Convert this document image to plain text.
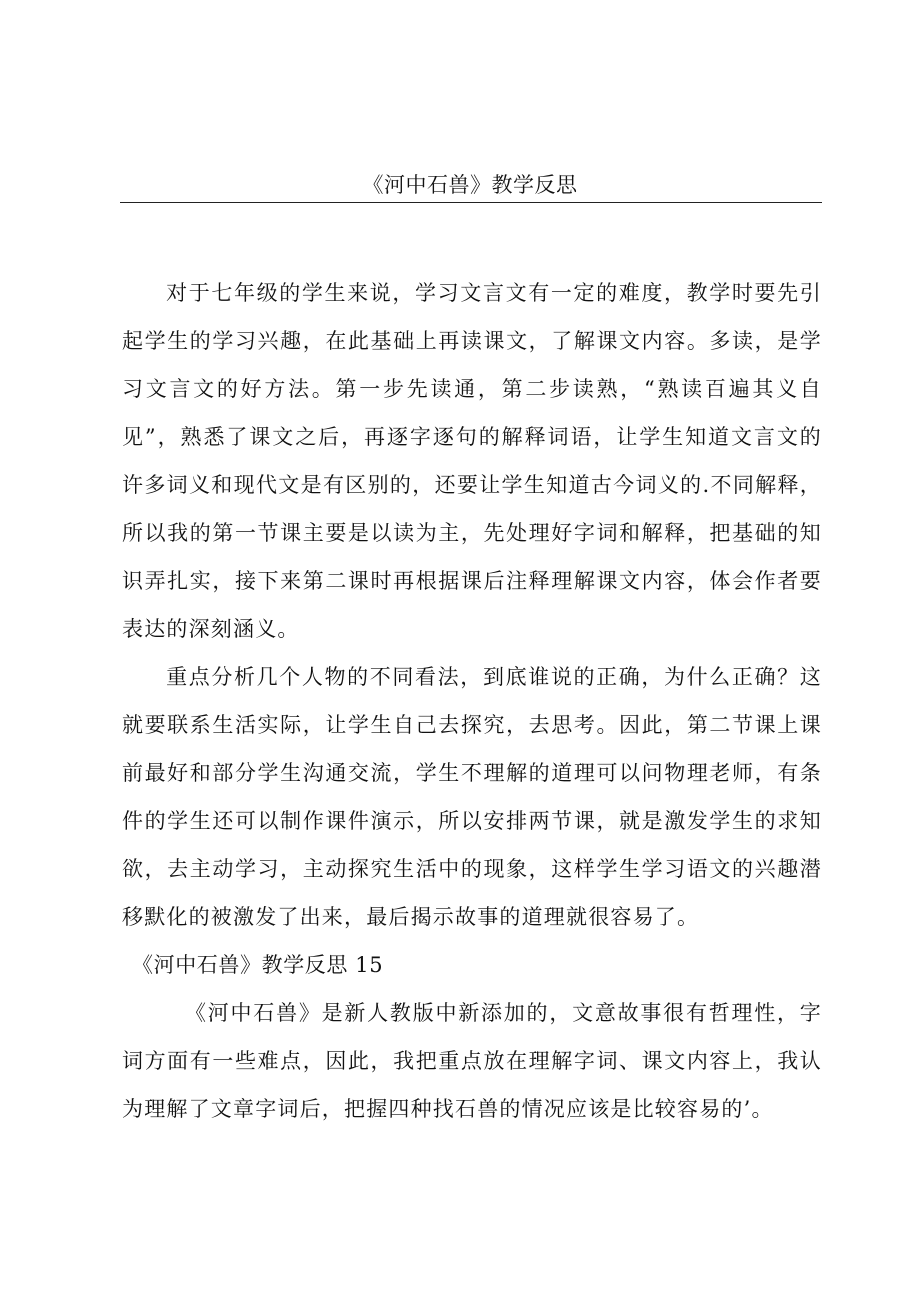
《河中石兽》教学反思

对于七年级的学生来说，学习文言文有一定的难度，教学时要先引起学生的学习兴趣，在此基础上再读课文，了解课文内容。多读，是学习文言文的好方法。第一步先读通，第二步读熟，“熟读百遍其义自见”，熟悉了课文之后，再逐字逐句的解释词语，让学生知道文言文的许多词义和现代文是有区别的，还要让学生知道古今词义的.不同解释，所以我的第一节课主要是以读为主，先处理好字词和解释，把基础的知识弄扎实，接下来第二课时再根据课后注释理解课文内容，体会作者要表达的深刻涵义。

重点分析几个人物的不同看法，到底谁说的正确，为什么正确？这就要联系生活实际，让学生自己去探究，去思考。因此，第二节课上课前最好和部分学生沟通交流，学生不理解的道理可以问物理老师，有条件的学生还可以制作课件演示，所以安排两节课，就是激发学生的求知欲，去主动学习，主动探究生活中的现象，这样学生学习语文的兴趣潜移默化的被激发了出来，最后揭示故事的道理就很容易了。

《河中石兽》教学反思 15

《河中石兽》是新人教版中新添加的，文意故事很有哲理性，字词方面有一些难点，因此，我把重点放在理解字词、课文内容上，我认为理解了文章字词后，把握四种找石兽的情况应该是比较容易的’。
